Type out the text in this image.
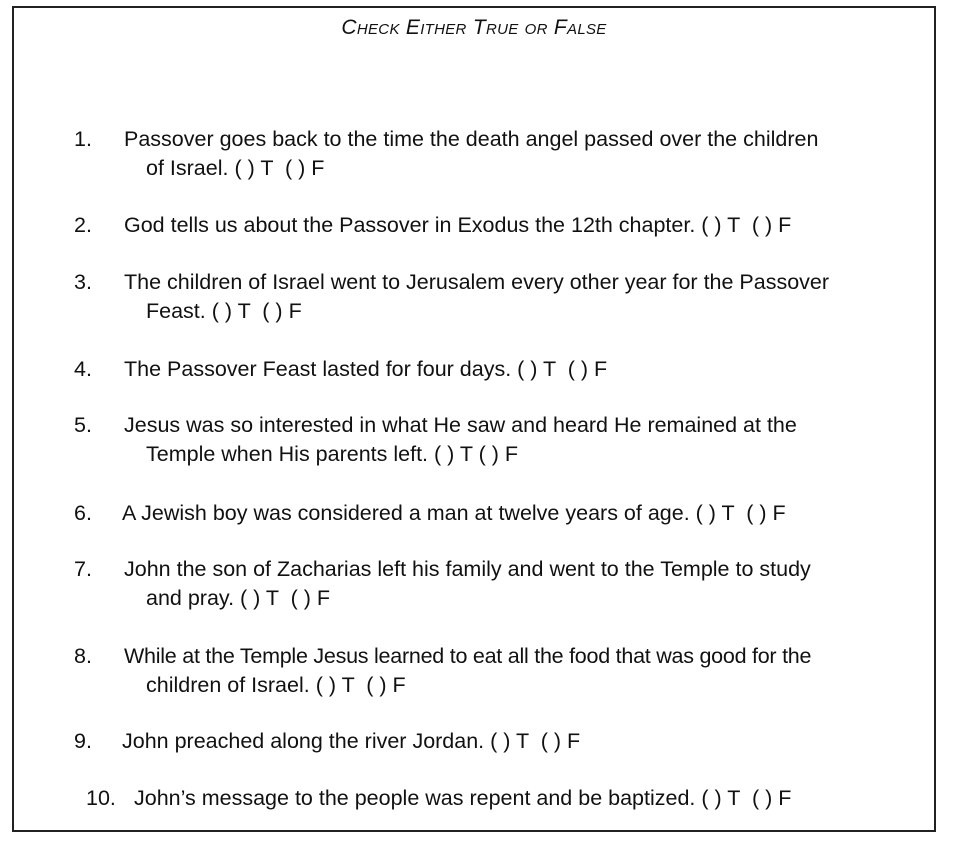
Check Either True or False
1. Passover goes back to the time the death angel passed over the children
of Israel. ( ) T  ( ) F
2. God tells us about the Passover in Exodus the 12th chapter. ( ) T  ( ) F
3. The children of Israel went to Jerusalem every other year for the Passover
Feast. ( ) T  ( ) F
4. The Passover Feast lasted for four days. ( ) T  ( ) F
5. Jesus was so interested in what He saw and heard He remained at the
Temple when His parents left. ( ) T ( ) F
6. A Jewish boy was considered a man at twelve years of age. ( ) T  ( ) F
7. John the son of Zacharias left his family and went to the Temple to study
and pray. ( ) T  ( ) F
8. While at the Temple Jesus learned to eat all the food that was good for the
children of Israel. ( ) T  ( ) F
9. John preached along the river Jordan. ( ) T  ( ) F
10. John’s message to the people was repent and be baptized. ( ) T  ( ) F
